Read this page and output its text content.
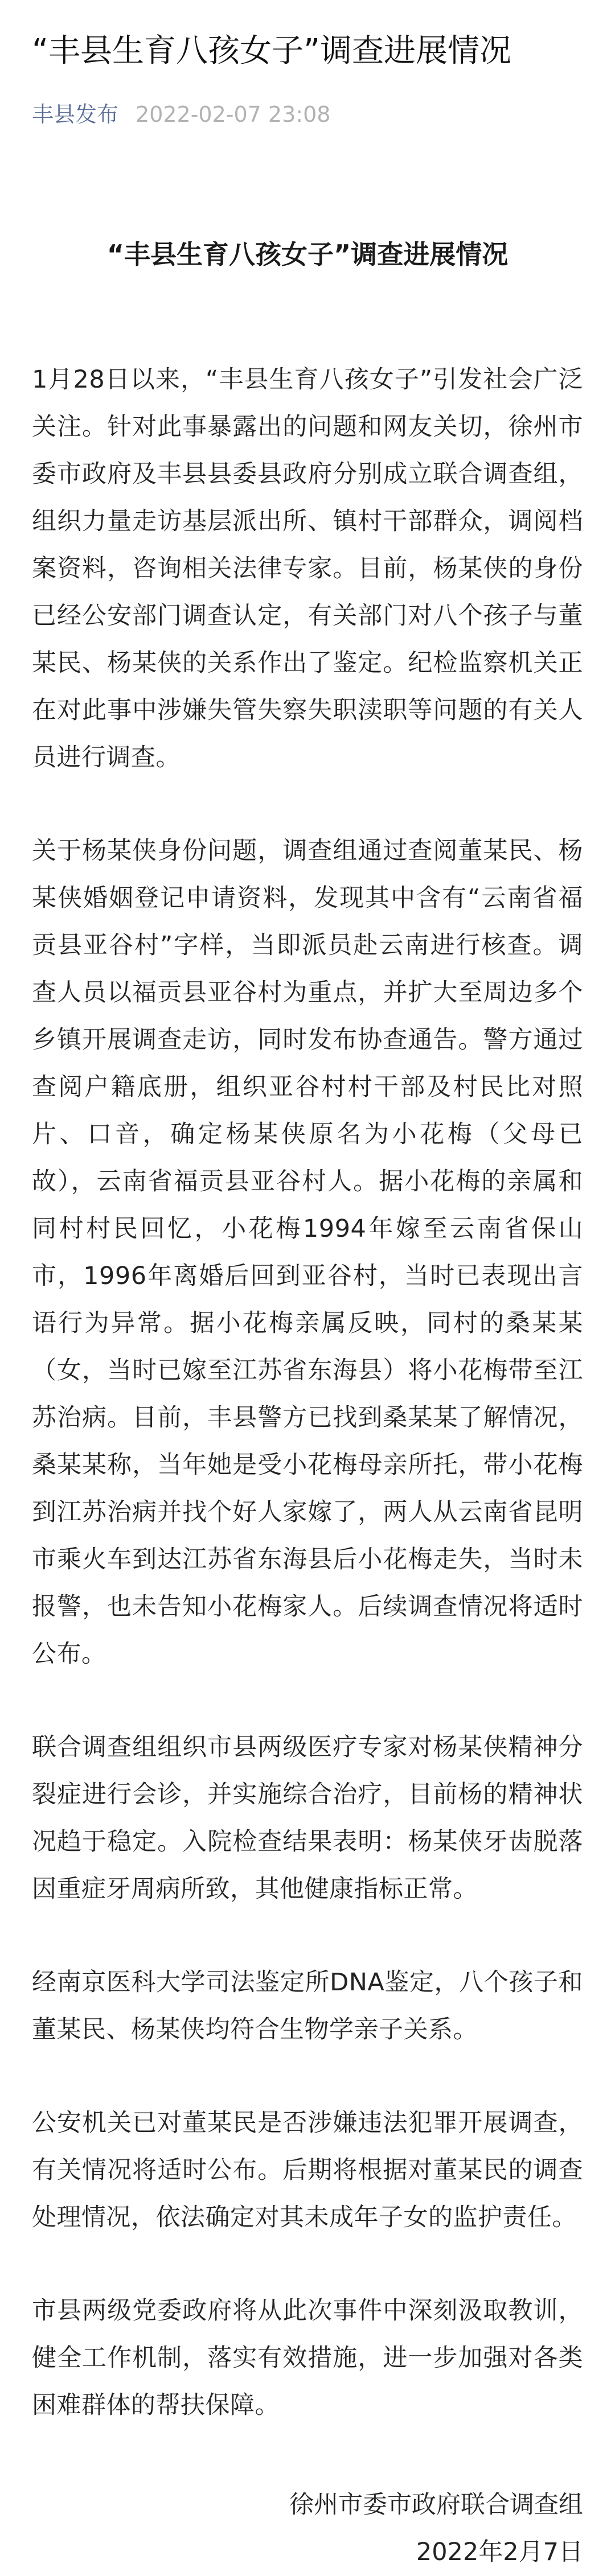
“丰县生育八孩女子”调查进展情况
丰县发布 2022-02-07 23:08
“丰县生育八孩女子”调查进展情况

1月28日以来，“丰县生育八孩女子”引发社会广泛关注。针对此事暴露出的问题和网友关切，徐州市委市政府及丰县县委县政府分别成立联合调查组，组织力量走访基层派出所、镇村干部群众，调阅档案资料，咨询相关法律专家。目前，杨某侠的身份已经公安部门调查认定，有关部门对八个孩子与董某民、杨某侠的关系作出了鉴定。纪检监察机关正在对此事中涉嫌失管失察失职渎职等问题的有关人员进行调查。

关于杨某侠身份问题，调查组通过查阅董某民、杨某侠婚姻登记申请资料，发现其中含有“云南省福贡县亚谷村”字样，当即派员赴云南进行核查。调查人员以福贡县亚谷村为重点，并扩大至周边多个乡镇开展调查走访，同时发布协查通告。警方通过查阅户籍底册，组织亚谷村村干部及村民比对照片、口音，确定杨某侠原名为小花梅（父母已故），云南省福贡县亚谷村人。据小花梅的亲属和同村村民回忆，小花梅1994年嫁至云南省保山市，1996年离婚后回到亚谷村，当时已表现出言语行为异常。据小花梅亲属反映，同村的桑某某（女，当时已嫁至江苏省东海县）将小花梅带至江苏治病。目前，丰县警方已找到桑某某了解情况，桑某某称，当年她是受小花梅母亲所托，带小花梅到江苏治病并找个好人家嫁了，两人从云南省昆明市乘火车到达江苏省东海县后小花梅走失，当时未报警，也未告知小花梅家人。后续调查情况将适时公布。

联合调查组组织市县两级医疗专家对杨某侠精神分裂症进行会诊，并实施综合治疗，目前杨的精神状况趋于稳定。入院检查结果表明：杨某侠牙齿脱落因重症牙周病所致，其他健康指标正常。

经南京医科大学司法鉴定所DNA鉴定，八个孩子和董某民、杨某侠均符合生物学亲子关系。

公安机关已对董某民是否涉嫌违法犯罪开展调查，有关情况将适时公布。后期将根据对董某民的调查处理情况，依法确定对其未成年子女的监护责任。

市县两级党委政府将从此次事件中深刻汲取教训，健全工作机制，落实有效措施，进一步加强对各类困难群体的帮扶保障。

徐州市委市政府联合调查组
2022年2月7日
